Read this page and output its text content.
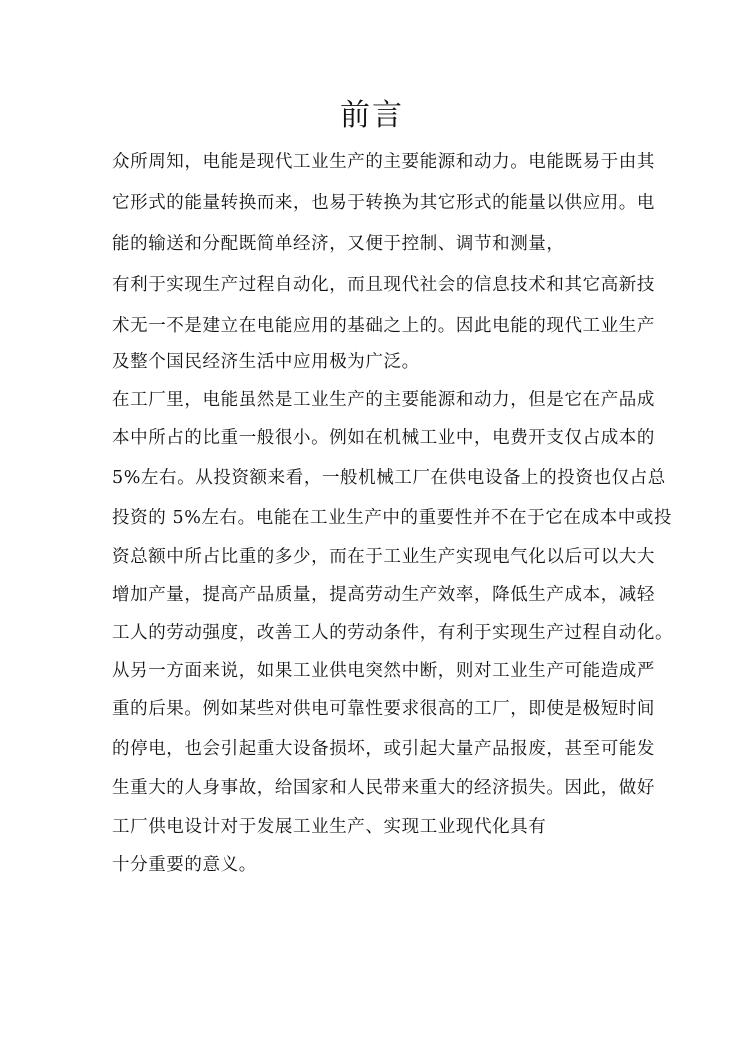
前言
众所周知，电能是现代工业生产的主要能源和动力。电能既易于由其
它形式的能量转换而来，也易于转换为其它形式的能量以供应用。电
能的输送和分配既简单经济，又便于控制、调节和测量，
有利于实现生产过程自动化，而且现代社会的信息技术和其它高新技
术无一不是建立在电能应用的基础之上的。因此电能的现代工业生产
及整个国民经济生活中应用极为广泛。
在工厂里，电能虽然是工业生产的主要能源和动力，但是它在产品成
本中所占的比重一般很小。例如在机械工业中，电费开支仅占成本的
5%左右。从投资额来看，一般机械工厂在供电设备上的投资也仅占总
投资的 5%左右。电能在工业生产中的重要性并不在于它在成本中或投
资总额中所占比重的多少，而在于工业生产实现电气化以后可以大大
增加产量，提高产品质量，提高劳动生产效率，降低生产成本，减轻
工人的劳动强度，改善工人的劳动条件，有利于实现生产过程自动化。
从另一方面来说，如果工业供电突然中断，则对工业生产可能造成严
重的后果。例如某些对供电可靠性要求很高的工厂，即使是极短时间
的停电，也会引起重大设备损坏，或引起大量产品报废，甚至可能发
生重大的人身事故，给国家和人民带来重大的经济损失。因此，做好
工厂供电设计对于发展工业生产、实现工业现代化具有
十分重要的意义。
